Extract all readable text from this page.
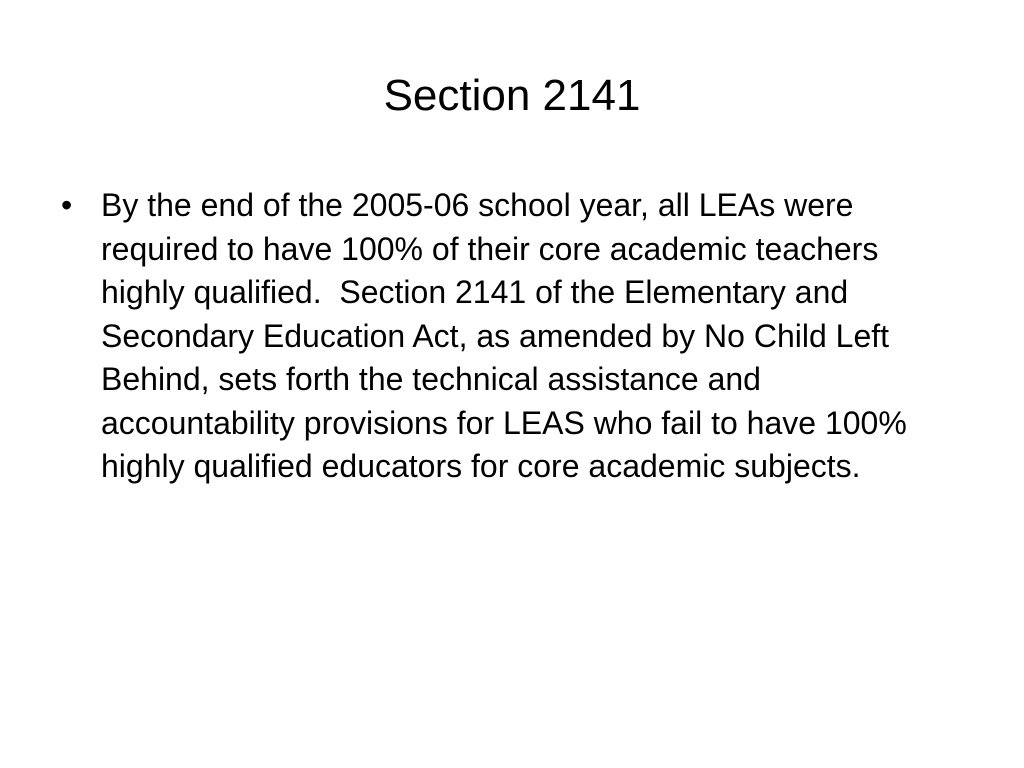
Section 2141
• By the end of the 2005-06 school year, all LEAs were required to have 100% of their core academic teachers highly qualified.  Section 2141 of the Elementary and Secondary Education Act, as amended by No Child Left Behind, sets forth the technical assistance and accountability provisions for LEAS who fail to have 100% highly qualified educators for core academic subjects.
